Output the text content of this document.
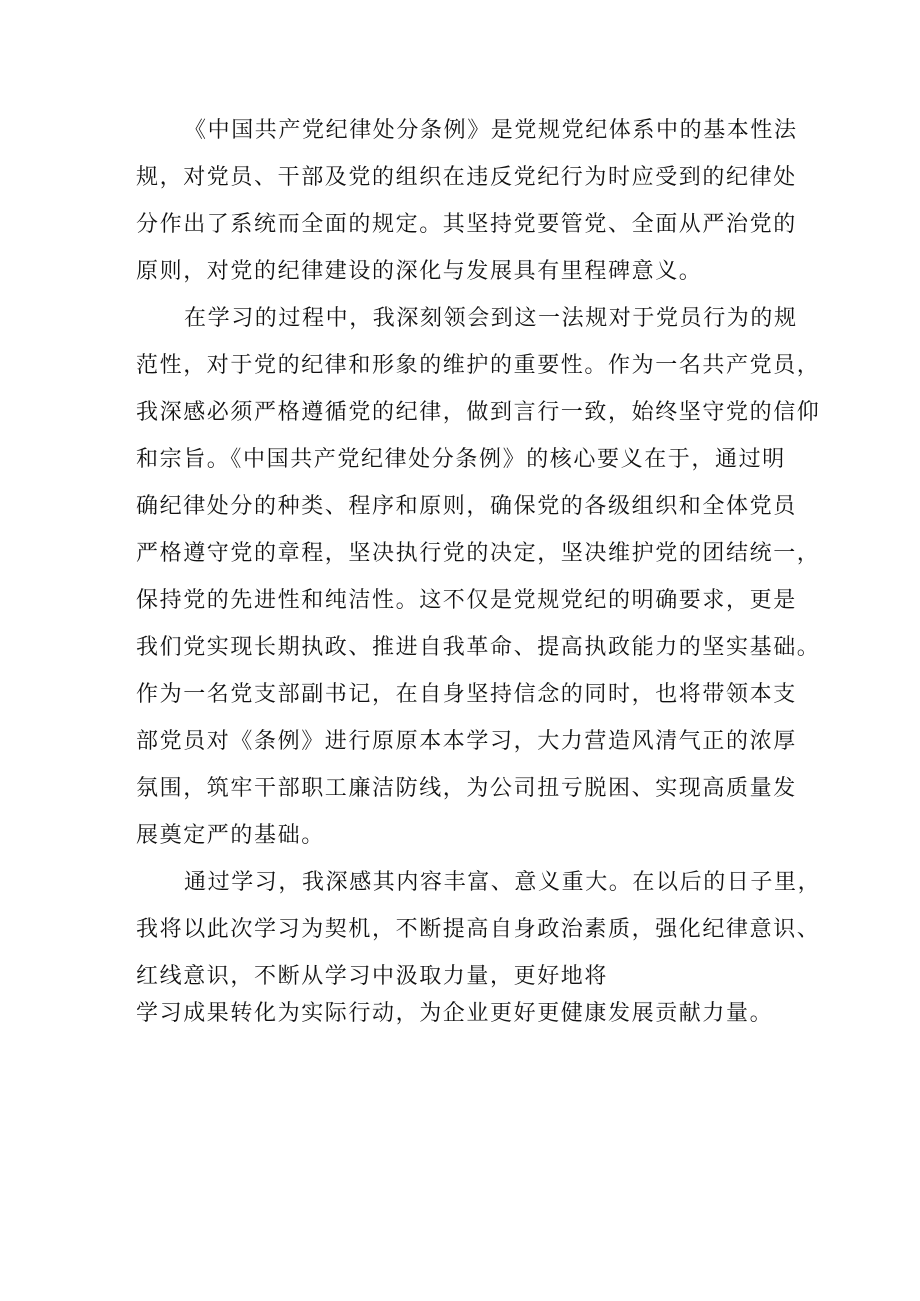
《中国共产党纪律处分条例》是党规党纪体系中的基本性法

规，对党员、干部及党的组织在违反党纪行为时应受到的纪律处

分作出了系统而全面的规定。其坚持党要管党、全面从严治党的

原则，对党的纪律建设的深化与发展具有里程碑意义。

在学习的过程中，我深刻领会到这一法规对于党员行为的规

范性，对于党的纪律和形象的维护的重要性。作为一名共产党员，

我深感必须严格遵循党的纪律，做到言行一致，始终坚守党的信仰

和宗旨。《中国共产党纪律处分条例》的核心要义在于，通过明

确纪律处分的种类、程序和原则，确保党的各级组织和全体党员

严格遵守党的章程，坚决执行党的决定，坚决维护党的团结统一，

保持党的先进性和纯洁性。这不仅是党规党纪的明确要求，更是

我们党实现长期执政、推进自我革命、提高执政能力的坚实基础。

作为一名党支部副书记，在自身坚持信念的同时，也将带领本支

部党员对《条例》进行原原本本学习，大力营造风清气正的浓厚

氛围，筑牢干部职工廉洁防线，为公司扭亏脱困、实现高质量发

展奠定严的基础。

通过学习，我深感其内容丰富、意义重大。在以后的日子里，

我将以此次学习为契机，不断提高自身政治素质，强化纪律意识、

红线意识，不断从学习中汲取力量，更好地将

学习成果转化为实际行动，为企业更好更健康发展贡献力量。
